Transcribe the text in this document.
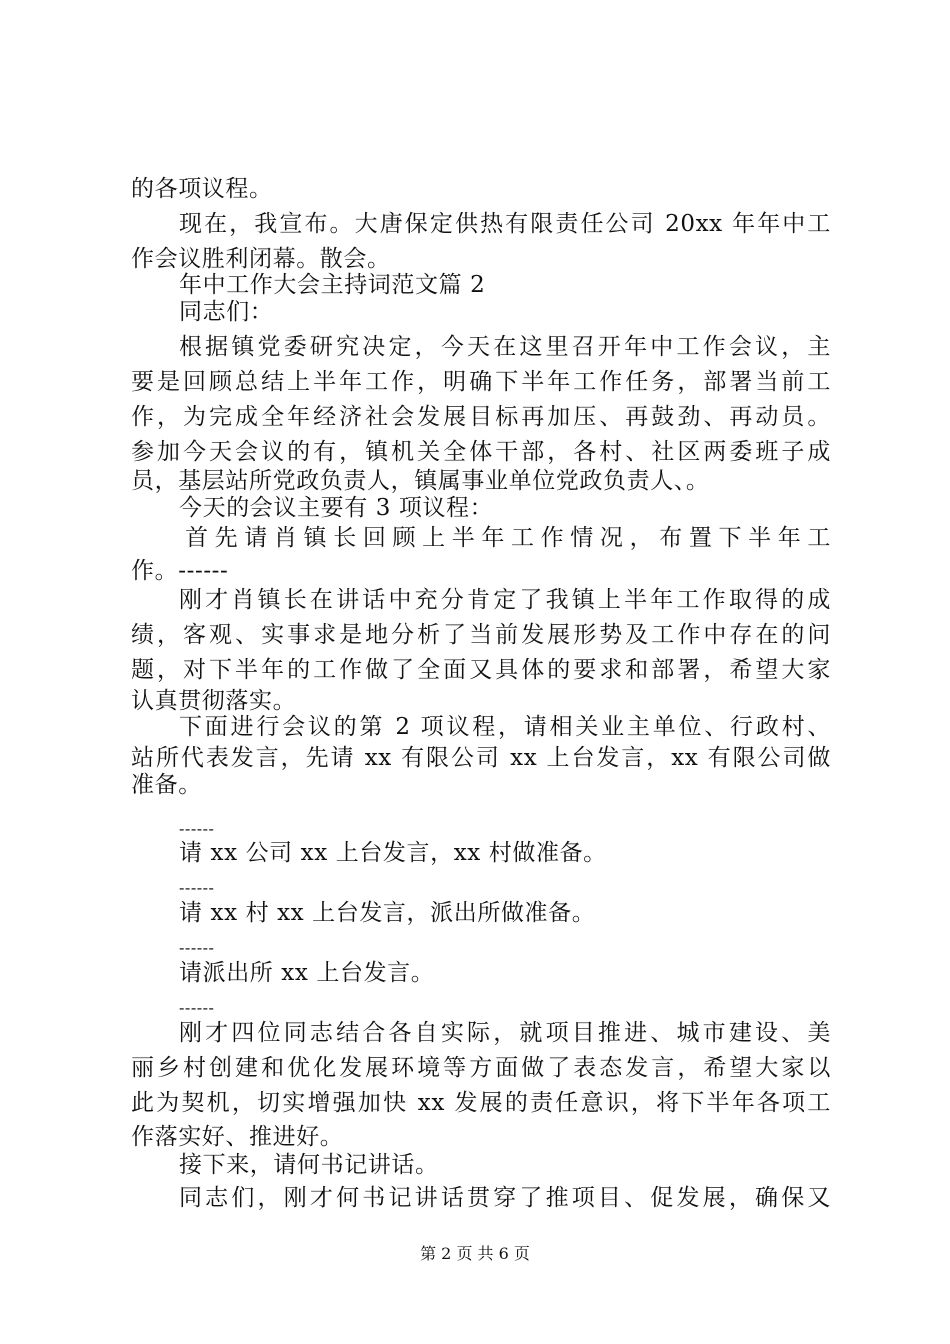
的各项议程。
现在，我宣布。大唐保定供热有限责任公司 20xx 年年中工
作会议胜利闭幕。散会。
年中工作大会主持词范文篇 2
同志们：
根据镇党委研究决定，今天在这里召开年中工作会议，主
要是回顾总结上半年工作，明确下半年工作任务，部署当前工
作，为完成全年经济社会发展目标再加压、再鼓劲、再动员。
参加今天会议的有，镇机关全体干部，各村、社区两委班子成
员，基层站所党政负责人，镇属事业单位党政负责人、。
今天的会议主要有 3 项议程：
首先请肖镇长回顾上半年工作情况，布置下半年工
作。------
刚才肖镇长在讲话中充分肯定了我镇上半年工作取得的成
绩，客观、实事求是地分析了当前发展形势及工作中存在的问
题，对下半年的工作做了全面又具体的要求和部署，希望大家
认真贯彻落实。
下面进行会议的第 2 项议程，请相关业主单位、行政村、
站所代表发言，先请 xx 有限公司 xx 上台发言，xx 有限公司做
准备。
------
请 xx 公司 xx 上台发言，xx 村做准备。
------
请 xx 村 xx 上台发言，派出所做准备。
------
请派出所 xx 上台发言。
------
刚才四位同志结合各自实际，就项目推进、城市建设、美
丽乡村创建和优化发展环境等方面做了表态发言，希望大家以
此为契机，切实增强加快 xx 发展的责任意识，将下半年各项工
作落实好、推进好。
接下来，请何书记讲话。
同志们，刚才何书记讲话贯穿了推项目、促发展，确保又
第 2 页 共 6 页
